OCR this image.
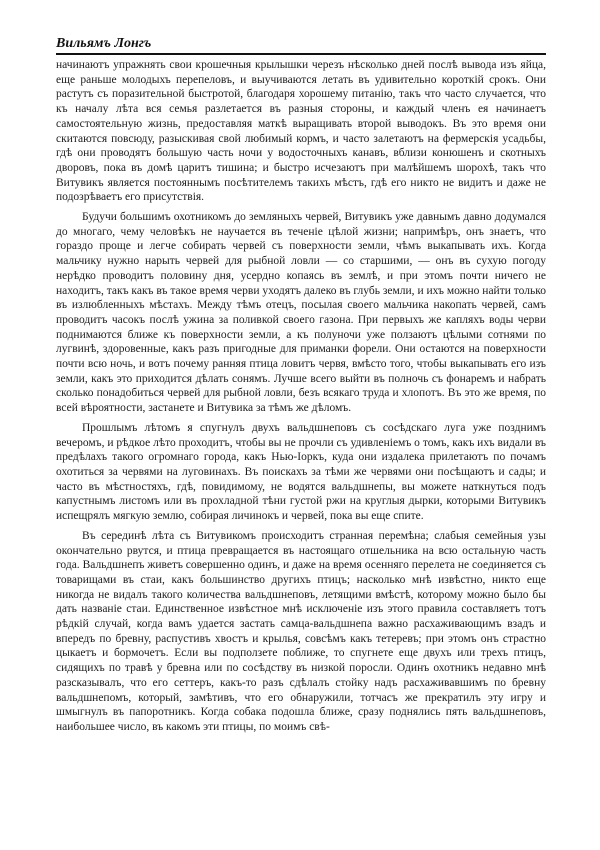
Вильямъ Лонгъ

начинаютъ упражнять свои крошечныя крылышки черезъ нѣсколько дней послѣ вывода изъ яйца, еще раньше молодыхъ перепеловъ, и выучиваются летать въ удивительно короткій срокъ. Они растутъ съ поразительной быстротой, благодаря хорошему питанію, такъ что часто случается, что къ началу лѣта вся семья разлетается въ разныя стороны, и каждый членъ ея начинаетъ самостоятельную жизнь, предоставляя маткѣ выращивать второй выводокъ. Въ это время они скитаются повсюду, разыскивая свой любимый кормъ, и часто залетаютъ на фермерскія усадьбы, гдѣ они проводятъ большую часть ночи у водосточныхъ канавъ, вблизи конюшенъ и скотныхъ дворовъ, пока въ домѣ царитъ тишина; и быстро исчезаютъ при малѣйшемъ шорохѣ, такъ что Витувикъ является постояннымъ посѣтителемъ такихъ мѣстъ, гдѣ его никто не видитъ и даже не подозрѣваетъ его присутствія.

Будучи большимъ охотникомъ до земляныхъ червей, Витувикъ уже давнымъ давно додумался до многаго, чему человѣкъ не научается въ теченіе цѣлой жизни; напримѣръ, онъ знаетъ, что гораздо проще и легче собирать червей съ поверхности земли, чѣмъ выкапывать ихъ. Когда мальчику нужно нарыть червей для рыбной ловли — со старшими, — онъ въ сухую погоду нерѣдко проводитъ половину дня, усердно копаясь въ землѣ, и при этомъ почти ничего не находитъ, такъ какъ въ такое время черви уходятъ далеко въ глубь земли, и ихъ можно найти только въ излюбленныхъ мѣстахъ. Между тѣмъ отецъ, посылая своего мальчика накопать червей, самъ проводитъ часокъ послѣ ужина за поливкой своего газона. При первыхъ же капляхъ воды черви поднимаются ближе къ поверхности земли, а къ полуночи уже ползаютъ цѣлыми сотнями по лугвинѣ, здоровенные, какъ разъ пригодные для приманки форели. Они остаются на поверхности почти всю ночь, и вотъ почему ранняя птица ловитъ червя, вмѣсто того, чтобы выкапывать его изъ земли, какъ это приходится дѣлать сонямъ. Лучше всего выйти въ полночь съ фонаремъ и набрать сколько понадобиться червей для рыбной ловли, безъ всякаго труда и хлопотъ. Въ это же время, по всей вѣроятности, застанете и Витувика за тѣмъ же дѣломъ.

Прошлымъ лѣтомъ я спугнулъ двухъ вальдшнеповъ съ сосѣдскаго луга уже позднимъ вечеромъ, и рѣдкое лѣто проходитъ, чтобы вы не прочли съ удивленіемъ о томъ, какъ ихъ видали въ предѣлахъ такого огромнаго города, какъ Нью-Іоркъ, куда они издалека прилетаютъ по почамъ охотиться за червями на луговинахъ. Въ поискахъ за тѣми же червями они посѣщаютъ и сады; и часто въ мѣстностяхъ, гдѣ, повидимому, не водятся вальдшнепы, вы можете наткнуться подъ капустнымъ листомъ или въ прохладной тѣни густой ржи на круглыя дырки, которыми Витувикъ испещрялъ мягкую землю, собирая личинокъ и червей, пока вы еще спите.

Въ серединѣ лѣта съ Витувикомъ происходитъ странная перемѣна; слабыя семейныя узы окончательно рвутся, и птица превращается въ настоящаго отшельника на всю остальную часть года. Вальдшнепъ живетъ совершенно одинъ, и даже на время осенняго перелета не соединяется съ товарищами въ стаи, какъ большинство другихъ птицъ; насколько мнѣ извѣстно, никто еще никогда не видалъ такого количества вальдшнеповъ, летящими вмѣстѣ, которому можно было бы дать названіе стаи. Единственное извѣстное мнѣ исключеніе изъ этого правила составляетъ тотъ рѣдкій случай, когда вамъ удается застать самца-вальдшнепа важно расхаживающимъ взадъ и впередъ по бревну, распустивъ хвостъ и крылья, совсѣмъ какъ тетеревъ; при этомъ онъ страстно цыкаетъ и бормочетъ. Если вы подползете поближе, то спугнете еще двухъ или трехъ птицъ, сидящихъ по травѣ у бревна или по сосѣдству въ низкой поросли. Одинъ охотникъ недавно мнѣ разсказывалъ, что его сеттеръ, какъ-то разъ сдѣлалъ стойку надъ расхаживавшимъ по бревну вальдшнепомъ, который, замѣтивъ, что его обнаружили, тотчасъ же прекратилъ эту игру и шмыгнулъ въ папоротникъ. Когда собака подошла ближе, сразу поднялись пять вальдшнеповъ, наибольшее число, въ какомъ эти птицы, по моимъ свѣ-
